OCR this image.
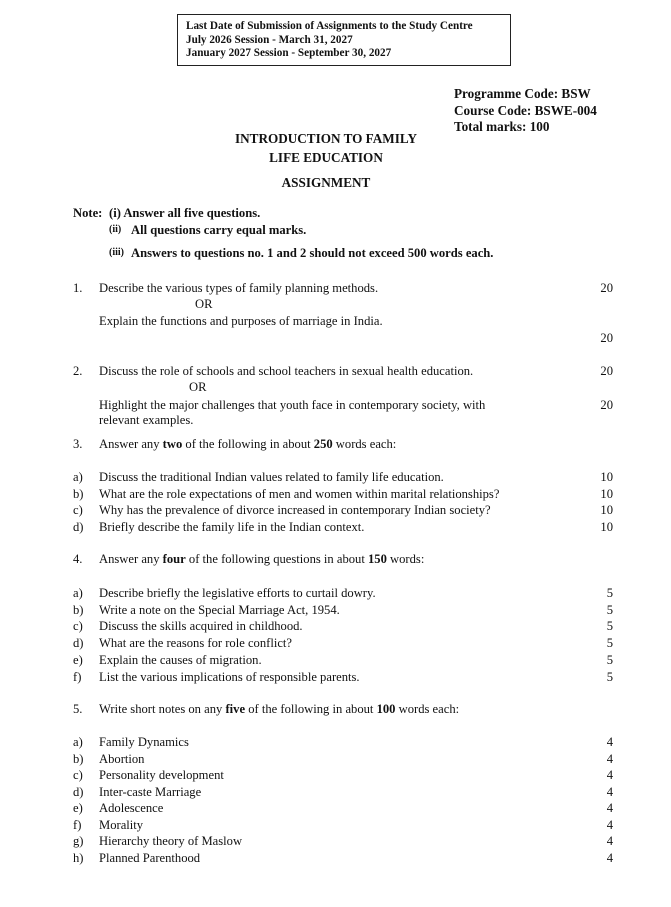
Last Date of Submission of Assignments to the Study Centre
July 2026 Session - March 31, 2027
January 2027 Session - September 30, 2027
Programme Code: BSW
Course Code: BSWE-004
Total marks: 100
INTRODUCTION TO FAMILY
LIFE EDUCATION
ASSIGNMENT
Note: (i) Answer all five questions.
(ii) All questions carry equal marks.
(iii) Answers to questions no. 1 and 2 should not exceed 500 words each.
1. Describe the various types of family planning methods.	20
OR
Explain the functions and purposes of marriage in India.
20
2. Discuss the role of schools and school teachers in sexual health education.	20
OR
Highlight the major challenges that youth face in contemporary society, with	20
relevant examples.
3. Answer any two of the following in about 250 words each:
a) Discuss the traditional Indian values related to family life education.	10
b) What are the role expectations of men and women within marital relationships?	10
c) Why has the prevalence of divorce increased in contemporary Indian society?	10
d) Briefly describe the family life in the Indian context.	10
4. Answer any four of the following questions in about 150 words:
a) Describe briefly the legislative efforts to curtail dowry.	5
b) Write a note on the Special Marriage Act, 1954.	5
c) Discuss the skills acquired in childhood.	5
d) What are the reasons for role conflict?	5
e) Explain the causes of migration.	5
f) List the various implications of responsible parents.	5
5. Write short notes on any five of the following in about 100 words each:
a) Family Dynamics	4
b) Abortion	4
c) Personality development	4
d) Inter-caste Marriage	4
e) Adolescence	4
f) Morality	4
g) Hierarchy theory of Maslow	4
h) Planned Parenthood	4
